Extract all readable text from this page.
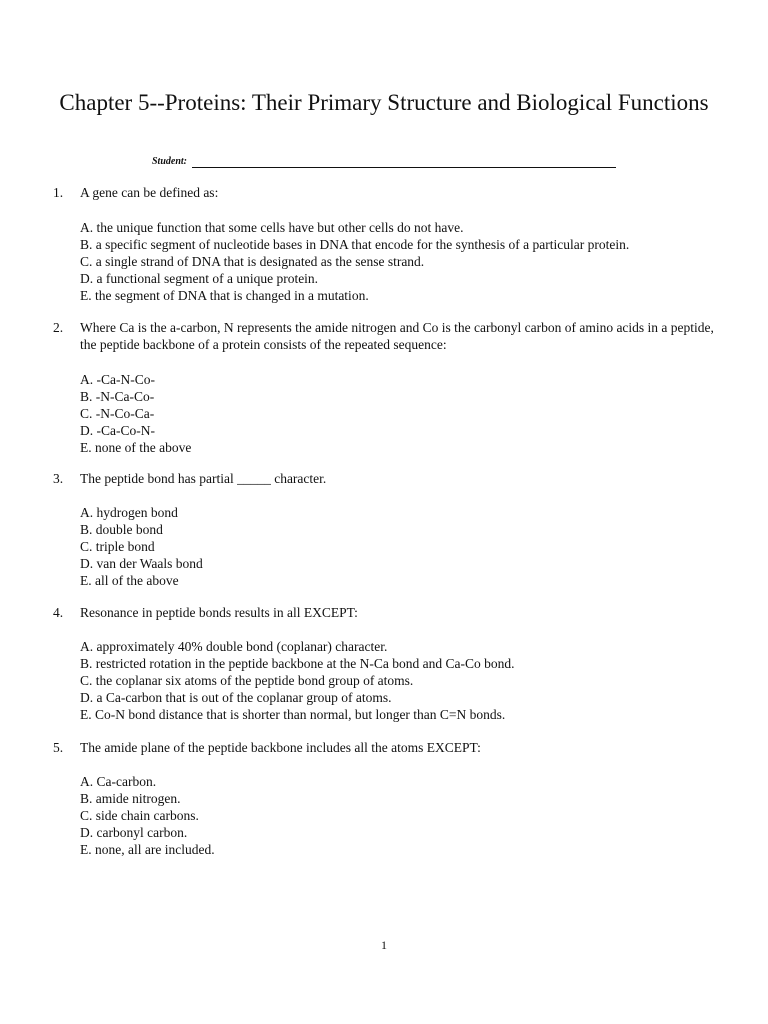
Chapter 5--Proteins: Their Primary Structure and Biological Functions
Student:
1. A gene can be defined as:
A. the unique function that some cells have but other cells do not have.
B. a specific segment of nucleotide bases in DNA that encode for the synthesis of a particular protein.
C. a single strand of DNA that is designated as the sense strand.
D. a functional segment of a unique protein.
E. the segment of DNA that is changed in a mutation.
2. Where Ca is the a-carbon, N represents the amide nitrogen and Co is the carbonyl carbon of amino acids in a peptide, the peptide backbone of a protein consists of the repeated sequence:
A. -Ca-N-Co-
B. -N-Ca-Co-
C. -N-Co-Ca-
D. -Ca-Co-N-
E. none of the above
3. The peptide bond has partial _____ character.
A. hydrogen bond
B. double bond
C. triple bond
D. van der Waals bond
E. all of the above
4. Resonance in peptide bonds results in all EXCEPT:
A. approximately 40% double bond (coplanar) character.
B. restricted rotation in the peptide backbone at the N-Ca bond and Ca-Co bond.
C. the coplanar six atoms of the peptide bond group of atoms.
D. a Ca-carbon that is out of the coplanar group of atoms.
E. Co-N bond distance that is shorter than normal, but longer than C=N bonds.
5. The amide plane of the peptide backbone includes all the atoms EXCEPT:
A. Ca-carbon.
B. amide nitrogen.
C. side chain carbons.
D. carbonyl carbon.
E. none, all are included.
1
